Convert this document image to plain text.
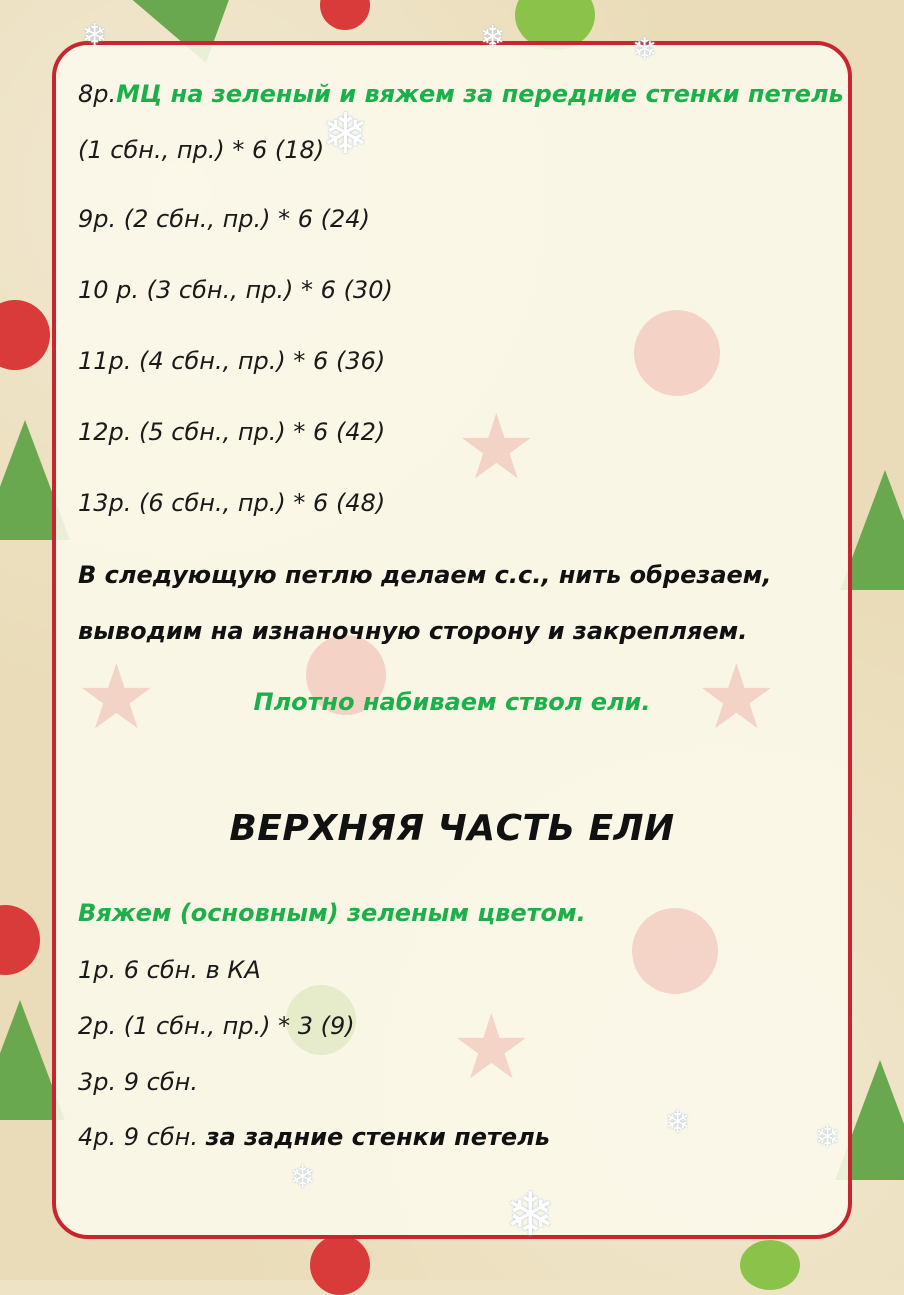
★
★
★
★
❄	❄	❄
❄
❄	❄
❄
❄

8р.МЦ на зеленый и вяжем за передние стенки петель

(1 сбн., пр.) * 6 (18)

9р. (2 сбн., пр.) * 6 (24)

10 р. (3 сбн., пр.) * 6 (30)

11р. (4 сбн., пр.) * 6 (36)

12р. (5 сбн., пр.) * 6 (42)

13р. (6 сбн., пр.) * 6 (48)

В следующую петлю делаем с.с., нить обрезаем,

выводим на изнаночную сторону и закрепляем.

Плотно набиваем ствол ели.

ВЕРХНЯЯ ЧАСТЬ ЕЛИ

Вяжем (основным) зеленым цветом.

1р. 6 сбн. в КА

2р. (1 сбн., пр.) * 3 (9)

3р. 9 сбн.

4р. 9 сбн. за задние стенки петель
